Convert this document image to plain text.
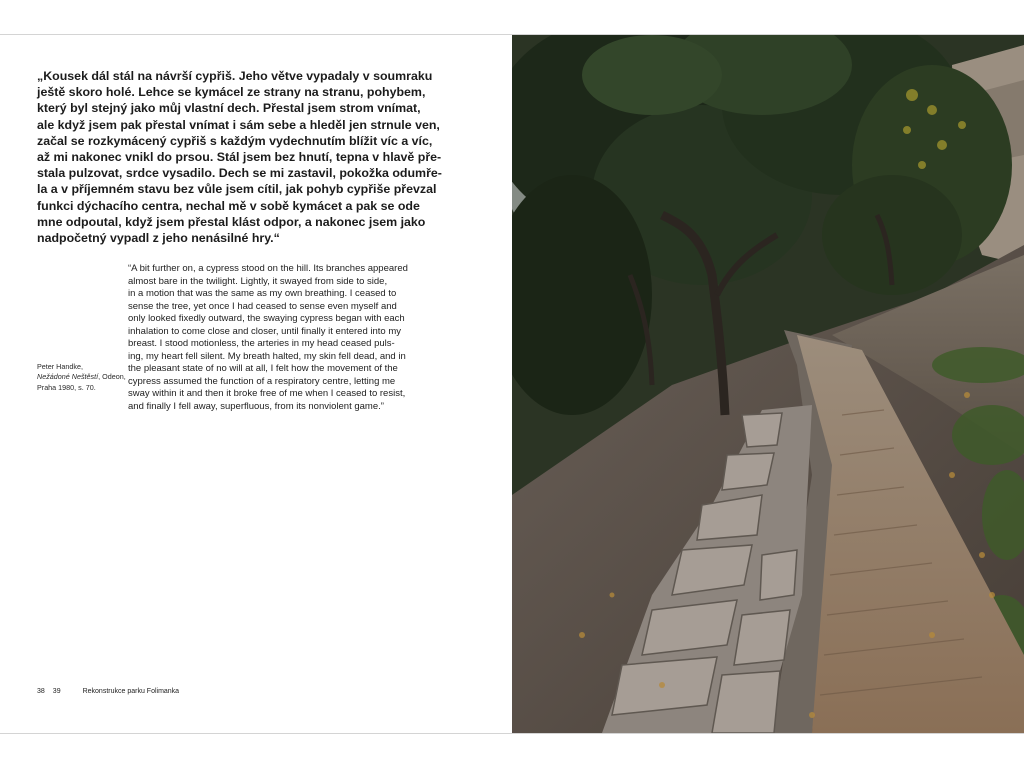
„Kousek dál stál na návrší cypřiš. Jeho větve vypadaly v soumraku

ještě skoro holé. Lehce se kymácel ze strany na stranu, pohybem,

který byl stejný jako můj vlastní dech. Přestal jsem strom vnímat,

ale když jsem pak přestal vnímat i sám sebe a hleděl jen strnule ven,

začal se rozkymácený cypřiš s každým vydechnutím blížit víc a víc,

až mi nakonec vnikl do prsou. Stál jsem bez hnutí, tepna v hlavě pře-

stala pulzovat, srdce vysadilo. Dech se mi zastavil, pokožka odumře-

la a v příjemném stavu bez vůle jsem cítil, jak pohyb cypřiše převzal

funkci dýchacího centra, nechal mě v sobě kymácet a pak se ode

mne odpoutal, když jsem přestal klást odpor, a nakonec jsem jako

nadpočetný vypadl z jeho nenásilné hry.“

Peter Handke,
Nežádoné Neštěstí, Odeon,
Praha 1980, s. 70.

“A bit further on, a cypress stood on the hill. Its branches appeared

almost bare in the twilight. Lightly, it swayed from side to side,

in a motion that was the same as my own breathing. I ceased to

sense the tree, yet once I had ceased to sense even myself and

only looked fixedly outward, the swaying cypress began with each

inhalation to come close and closer, until finally it entered into my

breast. I stood motionless, the arteries in my head ceased puls-

ing, my heart fell silent. My breath halted, my skin fell dead, and in

the pleasant state of no will at all, I felt how the movement of the

cypress assumed the function of a respiratory centre, letting me

sway within it and then it broke free of me when I ceased to resist,

and finally I fell away, superfluous, from its nonviolent game.”

38 39	Rekonstrukce parku Folimanka
